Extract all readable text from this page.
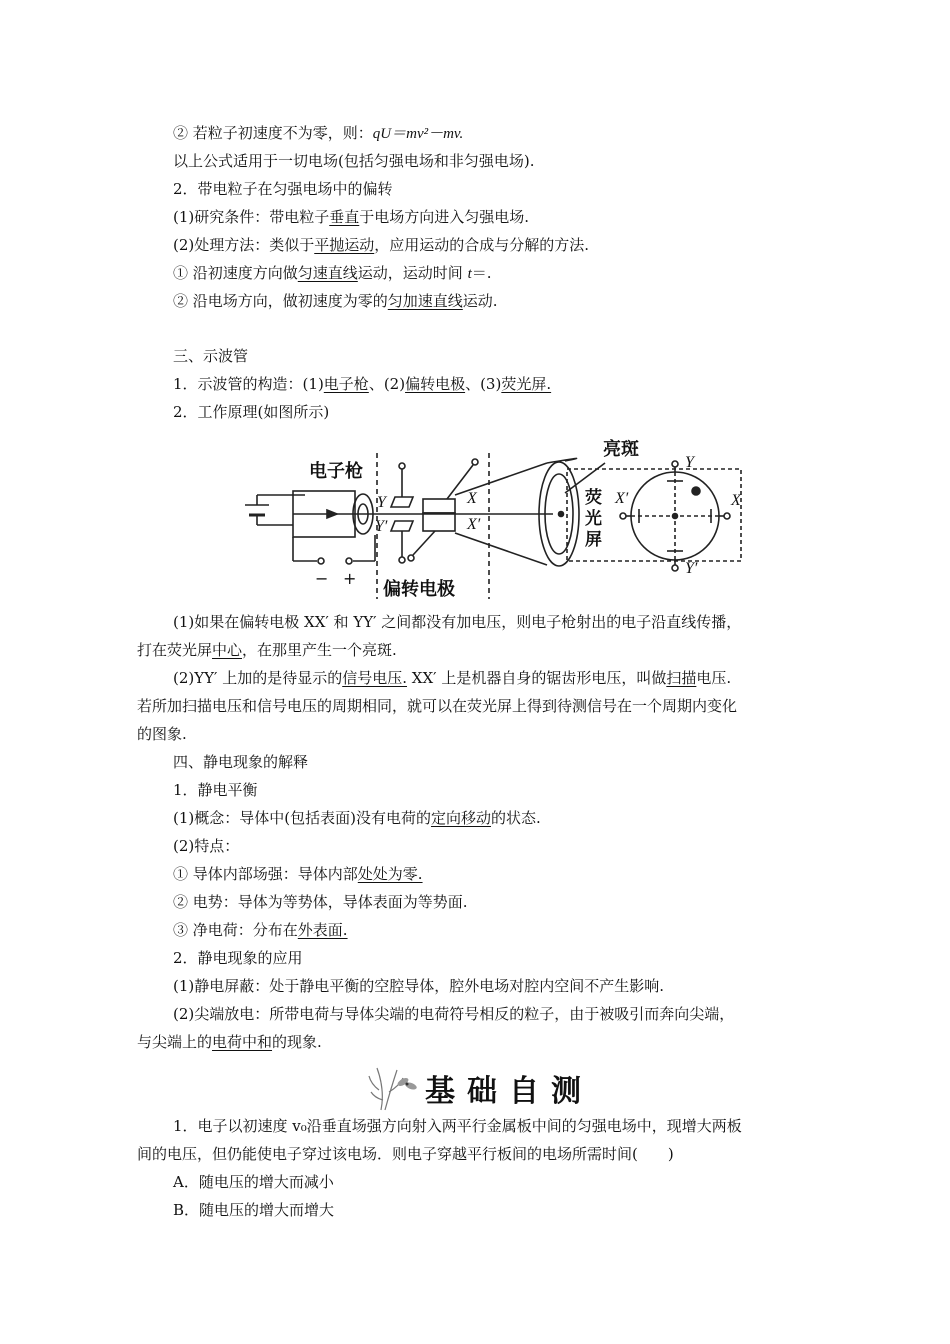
② 若粒子初速度不为零，则：qU＝mv²－mv.
以上公式适用于一切电场(包括匀强电场和非匀强电场).
2．带电粒子在匀强电场中的偏转
(1)研究条件：带电粒子垂直于电场方向进入匀强电场.
(2)处理方法：类似于平抛运动，应用运动的合成与分解的方法.
① 沿初速度方向做匀速直线运动，运动时间 t＝.
② 沿电场方向，做初速度为零的匀加速直线运动.
三、示波管
1．示波管的构造：(1)电子枪、(2)偏转电极、(3)荧光屏.
2．工作原理(如图所示)
电子枪
偏转电极
亮斑
荧
光
屏
− +
Y
Y′
X
X′
Y
Y′
X′	X
(1)如果在偏转电极 XX′ 和 YY′ 之间都没有加电压，则电子枪射出的电子沿直线传播，
打在荧光屏中心，在那里产生一个亮斑.
(2)YY′ 上加的是待显示的信号电压. XX′ 上是机器自身的锯齿形电压，叫做扫描电压.
若所加扫描电压和信号电压的周期相同，就可以在荧光屏上得到待测信号在一个周期内变化
的图象.
四、静电现象的解释
1．静电平衡
(1)概念：导体中(包括表面)没有电荷的定向移动的状态.
(2)特点：
① 导体内部场强：导体内部处处为零.
② 电势：导体为等势体，导体表面为等势面.
③ 净电荷：分布在外表面.
2．静电现象的应用
(1)静电屏蔽：处于静电平衡的空腔导体，腔外电场对腔内空间不产生影响.
(2)尖端放电：所带电荷与导体尖端的电荷符号相反的粒子，由于被吸引而奔向尖端，
与尖端上的电荷中和的现象.
基础自测
1．电子以初速度 v₀沿垂直场强方向射入两平行金属板中间的匀强电场中，现增大两板
间的电压，但仍能使电子穿过该电场．则电子穿越平行板间的电场所需时间(　　)
A．随电压的增大而减小
B．随电压的增大而增大
